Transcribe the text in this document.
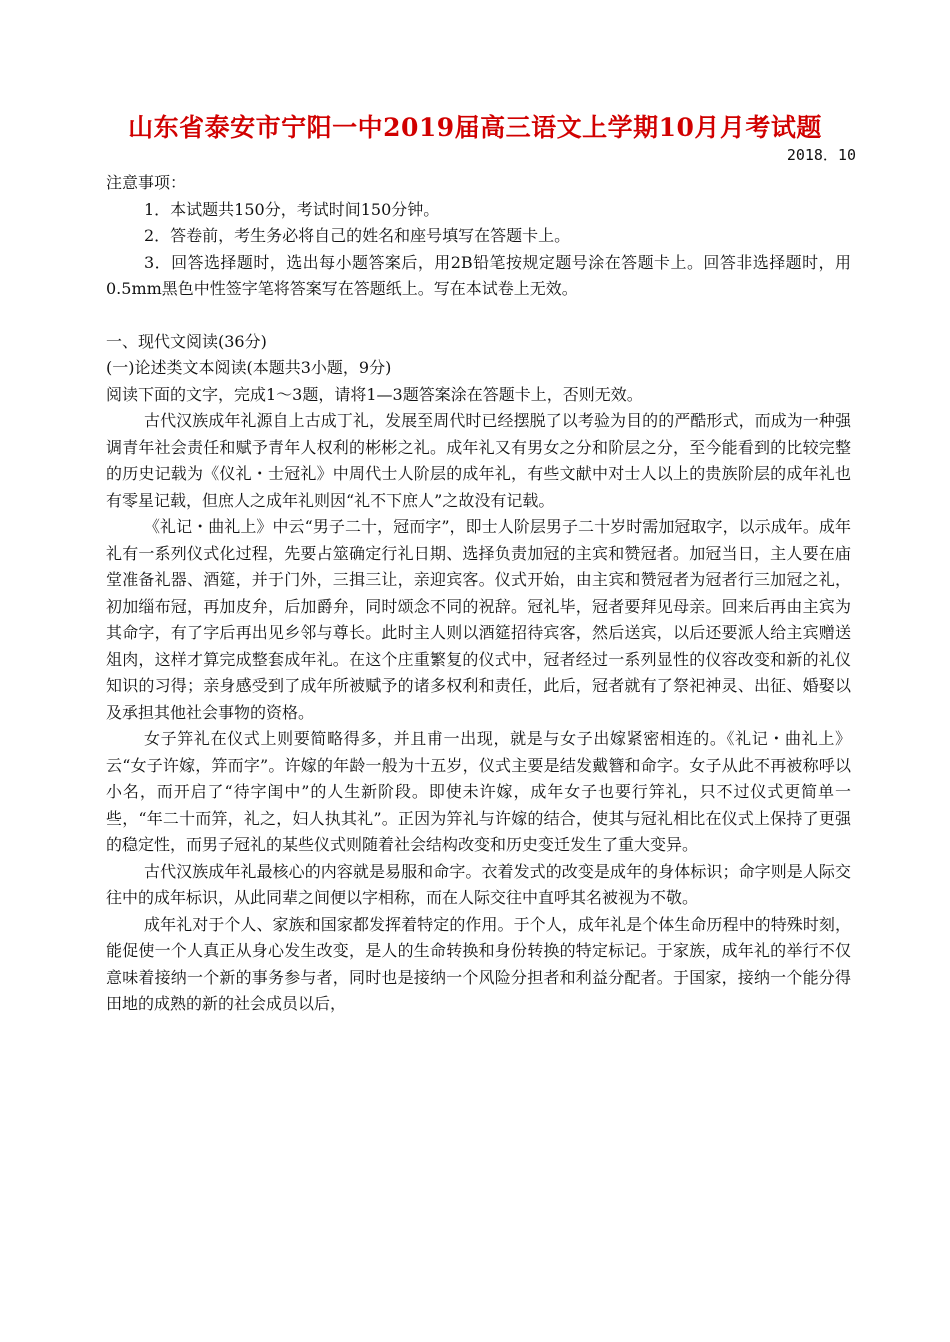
山东省泰安市宁阳一中2019届高三语文上学期10月月考试题
2018．10

注意事项：

1．本试题共150分，考试时间150分钟。

2．答卷前，考生务必将自己的姓名和座号填写在答题卡上。

3．回答选择题时，选出每小题答案后，用2B铅笔按规定题号涂在答题卡上。回答非选择题时，用0.5mm黑色中性签字笔将答案写在答题纸上。写在本试卷上无效。

一、现代文阅读(36分)

(一)论述类文本阅读(本题共3小题，9分)

阅读下面的文字，完成1～3题，请将1—3题答案涂在答题卡上，否则无效。

古代汉族成年礼源自上古成丁礼，发展至周代时已经摆脱了以考验为目的的严酷形式，而成为一种强调青年社会责任和赋予青年人权利的彬彬之礼。成年礼又有男女之分和阶层之分，至今能看到的比较完整的历史记载为《仪礼・士冠礼》中周代士人阶层的成年礼，有些文献中对士人以上的贵族阶层的成年礼也有零星记载，但庶人之成年礼则因“礼不下庶人”之故没有记载。

《礼记・曲礼上》中云“男子二十，冠而字”，即士人阶层男子二十岁时需加冠取字，以示成年。成年礼有一系列仪式化过程，先要占筮确定行礼日期、选择负责加冠的主宾和赞冠者。加冠当日，主人要在庙堂准备礼器、酒筵，并于门外，三揖三让，亲迎宾客。仪式开始，由主宾和赞冠者为冠者行三加冠之礼，初加缁布冠，再加皮弁，后加爵弁，同时颂念不同的祝辞。冠礼毕，冠者要拜见母亲。回来后再由主宾为其命字，有了字后再出见乡邻与尊长。此时主人则以酒筵招待宾客，然后送宾，以后还要派人给主宾赠送俎肉，这样才算完成整套成年礼。在这个庄重繁复的仪式中，冠者经过一系列显性的仪容改变和新的礼仪知识的习得；亲身感受到了成年所被赋予的诸多权利和责任，此后，冠者就有了祭祀神灵、出征、婚娶以及承担其他社会事物的资格。

女子笄礼在仪式上则要简略得多，并且甫一出现，就是与女子出嫁紧密相连的。《礼记・曲礼上》云“女子许嫁，笄而字”。许嫁的年龄一般为十五岁，仪式主要是结发戴簪和命字。女子从此不再被称呼以小名，而开启了“待字闺中”的人生新阶段。即使未许嫁，成年女子也要行笄礼，只不过仪式更简单一些，“年二十而笄，礼之，妇人执其礼”。正因为笄礼与许嫁的结合，使其与冠礼相比在仪式上保持了更强的稳定性，而男子冠礼的某些仪式则随着社会结构改变和历史变迁发生了重大变异。

古代汉族成年礼最核心的内容就是易服和命字。衣着发式的改变是成年的身体标识；命字则是人际交往中的成年标识，从此同辈之间便以字相称，而在人际交往中直呼其名被视为不敬。

成年礼对于个人、家族和国家都发挥着特定的作用。于个人，成年礼是个体生命历程中的特殊时刻，能促使一个人真正从身心发生改变，是人的生命转换和身份转换的特定标记。于家族，成年礼的举行不仅意味着接纳一个新的事务参与者，同时也是接纳一个风险分担者和利益分配者。于国家，接纳一个能分得田地的成熟的新的社会成员以后，
